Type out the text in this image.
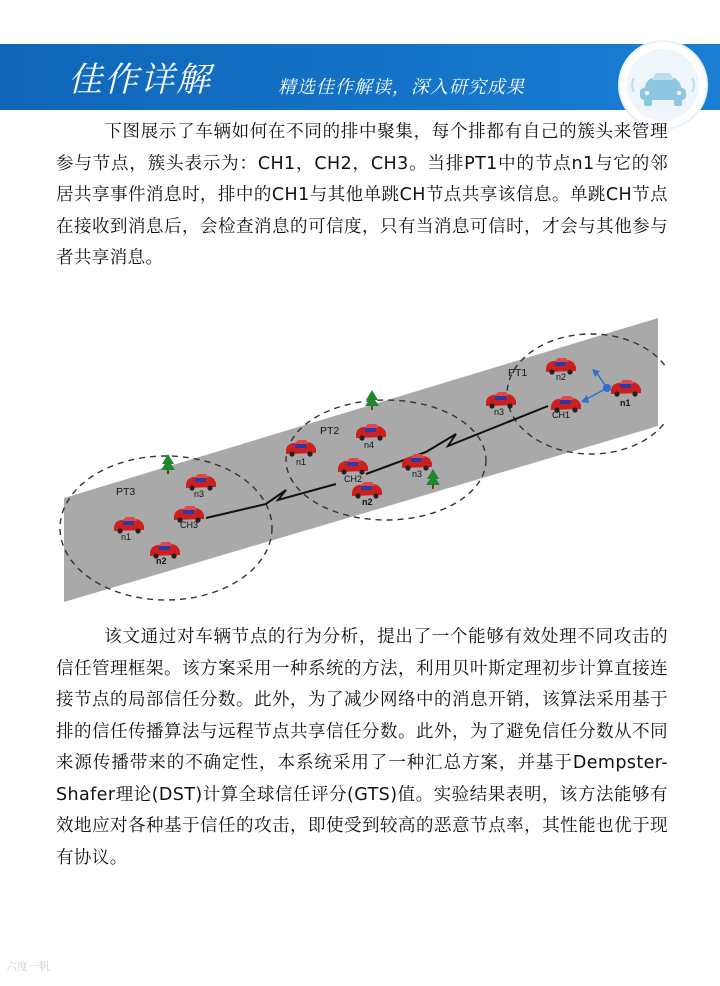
佳作详解	精选佳作解读，深入研究成果

下图展示了车辆如何在不同的排中聚集，每个排都有自己的簇头来管理参与节点，簇头表示为：CH1，CH2，CH3。当排PT1中的节点n1与它的邻居共享事件消息时，排中的CH1与其他单跳CH节点共享该信息。单跳CH节点在接收到消息后，会检查消息的可信度，只有当消息可信时，才会与其他参与者共享消息。

PT3
PT2
PT1
n1
n2
n3
CH3
n1
n2
n3
n4
CH2
n1
n2
n3	CH1

该文通过对车辆节点的行为分析，提出了一个能够有效处理不同攻击的信任管理框架。该方案采用一种系统的方法，利用贝叶斯定理初步计算直接连接节点的局部信任分数。此外，为了减少网络中的消息开销，该算法采用基于排的信任传播算法与远程节点共享信任分数。此外，为了避免信任分数从不同来源传播带来的不确定性，本系统采用了一种汇总方案，并基于Dempster-Shafer理论(DST)计算全球信任评分(GTS)值。实验结果表明，该方法能够有效地应对各种基于信任的攻击，即使受到较高的恶意节点率，其性能也优于现有协议。

六度一帆
